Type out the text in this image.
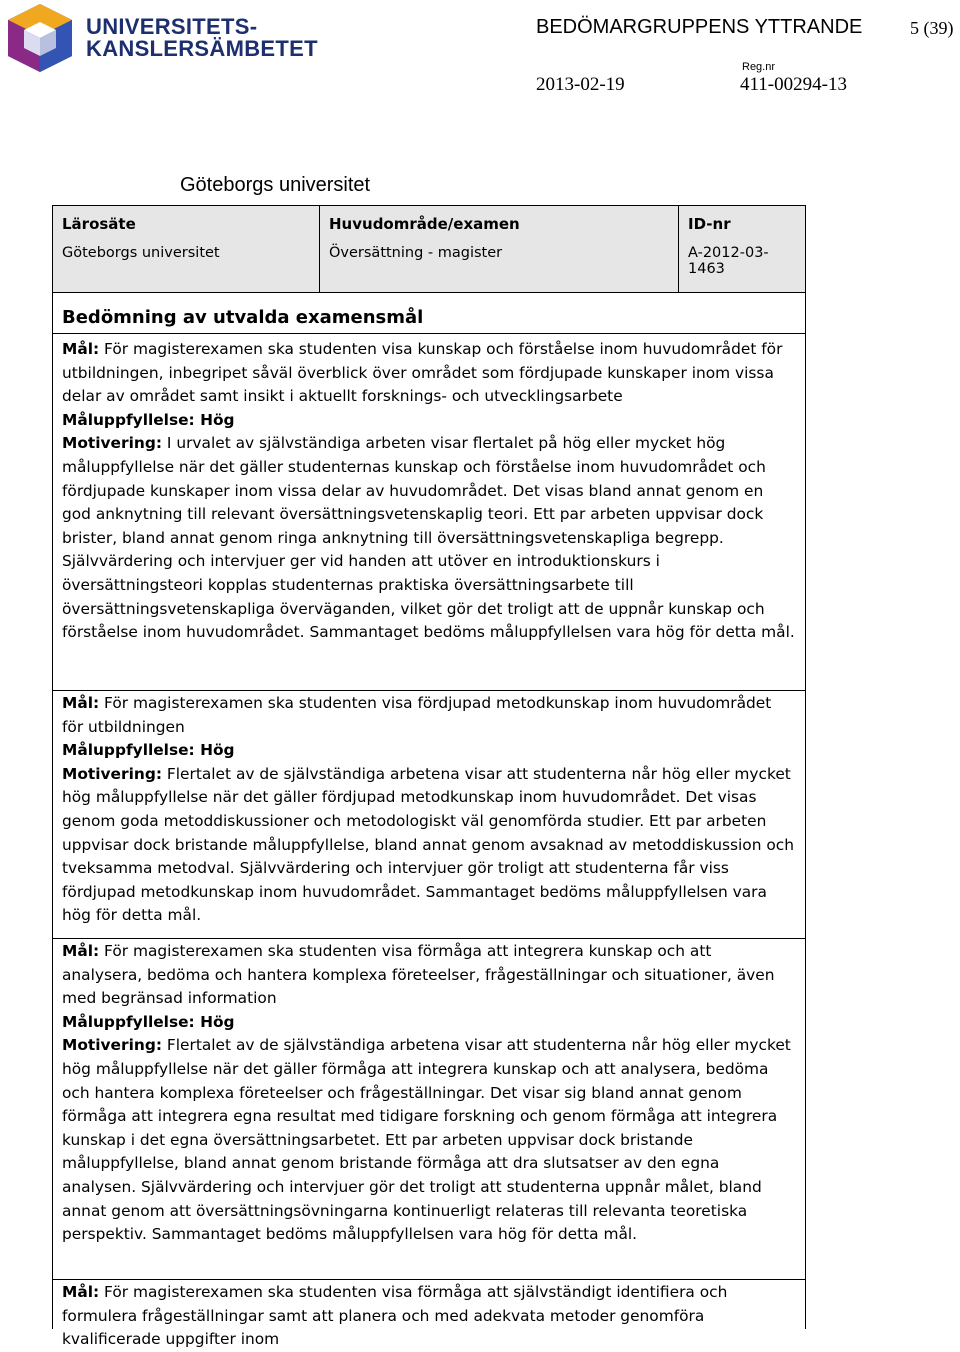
UNIVERSITETS-
KANSLERSÄMBETET
BEDÖMARGRUPPENS YTTRANDE	5 (39)
2013-02-19
Reg.nr
411-00294-13
Göteborgs universitet
Lärosäte
Göteborgs universitet
Huvudområde/examen
Översättning - magister
ID-nr
A-2012-03-1463
Bedömning av utvalda examensmål

Mål: För magisterexamen ska studenten visa kunskap och förståelse inom huvudområdet för utbildningen, inbegripet såväl överblick över området som fördjupade kunskaper inom vissa delar av området samt insikt i aktuellt forsknings- och utvecklingsarbete

Måluppfyllelse: Hög

Motivering: I urvalet av självständiga arbeten visar flertalet på hög eller mycket hög måluppfyllelse när det gäller studenternas kunskap och förståelse inom huvudområdet och fördjupade kunskaper inom vissa delar av huvudområdet. Det visas bland annat genom en god anknytning till relevant översättningsvetenskaplig teori. Ett par arbeten uppvisar dock brister, bland annat genom ringa anknytning till översättningsvetenskapliga begrepp. Självvärdering och intervjuer ger vid handen att utöver en introduktionskurs i översättningsteori kopplas studenternas praktiska översättningsarbete till översättningsvetenskapliga överväganden, vilket gör det troligt att de uppnår kunskap och förståelse inom huvudområdet. Sammantaget bedöms måluppfyllelsen vara hög för detta mål.

Mål: För magisterexamen ska studenten visa fördjupad metodkunskap inom huvudområdet för utbildningen

Måluppfyllelse: Hög

Motivering: Flertalet av de självständiga arbetena visar att studenterna når hög eller mycket hög måluppfyllelse när det gäller fördjupad metodkunskap inom huvudområdet. Det visas genom goda metoddiskussioner och metodologiskt väl genomförda studier. Ett par arbeten uppvisar dock bristande måluppfyllelse, bland annat genom avsaknad av metoddiskussion och tveksamma metodval. Självvärdering och intervjuer gör troligt att studenterna får viss fördjupad metodkunskap inom huvudområdet. Sammantaget bedöms måluppfyllelsen vara hög för detta mål.

Mål: För magisterexamen ska studenten visa förmåga att integrera kunskap och att analysera, bedöma och hantera komplexa företeelser, frågeställningar och situationer, även med begränsad information

Måluppfyllelse: Hög

Motivering: Flertalet av de självständiga arbetena visar att studenterna når hög eller mycket hög måluppfyllelse när det gäller förmåga att integrera kunskap och att analysera, bedöma och hantera komplexa företeelser och frågeställningar. Det visar sig bland annat genom förmåga att integrera egna resultat med tidigare forskning och genom förmåga att integrera kunskap i det egna översättningsarbetet. Ett par arbeten uppvisar dock bristande måluppfyllelse, bland annat genom bristande förmåga att dra slutsatser av den egna analysen. Självvärdering och intervjuer gör det troligt att studenterna uppnår målet, bland annat genom att översättningsövningarna kontinuerligt relateras till relevanta teoretiska perspektiv. Sammantaget bedöms måluppfyllelsen vara hög för detta mål.

Mål: För magisterexamen ska studenten visa förmåga att självständigt identifiera och formulera frågeställningar samt att planera och med adekvata metoder genomföra kvalificerade uppgifter inom
